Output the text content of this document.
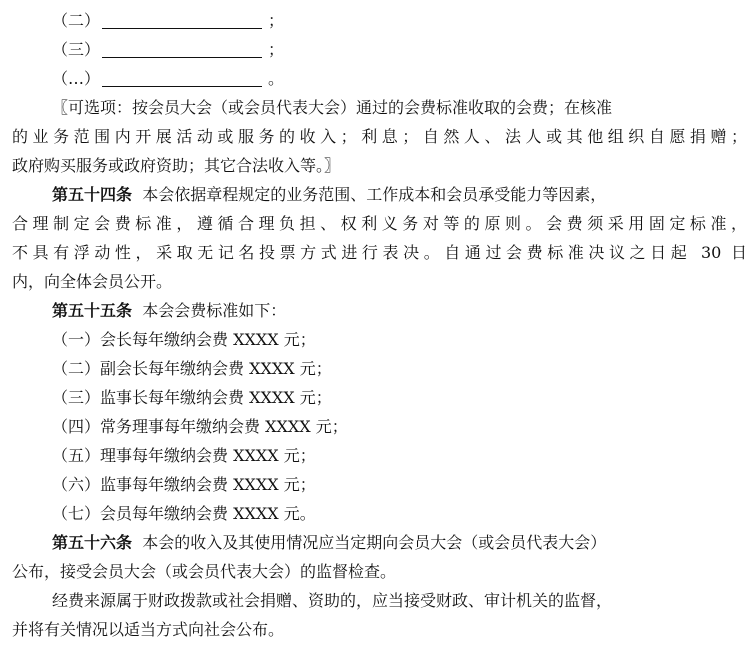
（二）	；
（三）	；
（…）	。
〖可选项：按会员大会（或会员代表大会）通过的会费标准收取的会费；在核准
的业务范围内开展活动或服务的收入；利息；自然人、法人或其他组织自愿捐赠；
政府购买服务或政府资助；其它合法收入等。〗
第五十四条 本会依据章程规定的业务范围、工作成本和会员承受能力等因素，
合理制定会费标准，遵循合理负担、权利义务对等的原则。会费须采用固定标准，
不具有浮动性，采取无记名投票方式进行表决。自通过会费标准决议之日起 30 日
内，向全体会员公开。
第五十五条 本会会费标准如下：
（一）会长每年缴纳会费 XXXX 元；
（二）副会长每年缴纳会费 XXXX 元；
（三）监事长每年缴纳会费 XXXX 元；
（四）常务理事每年缴纳会费 XXXX 元；
（五）理事每年缴纳会费 XXXX 元；
（六）监事每年缴纳会费 XXXX 元；
（七）会员每年缴纳会费 XXXX 元。
第五十六条 本会的收入及其使用情况应当定期向会员大会（或会员代表大会）
公布，接受会员大会（或会员代表大会）的监督检查。
经费来源属于财政拨款或社会捐赠、资助的，应当接受财政、审计机关的监督，
并将有关情况以适当方式向社会公布。
